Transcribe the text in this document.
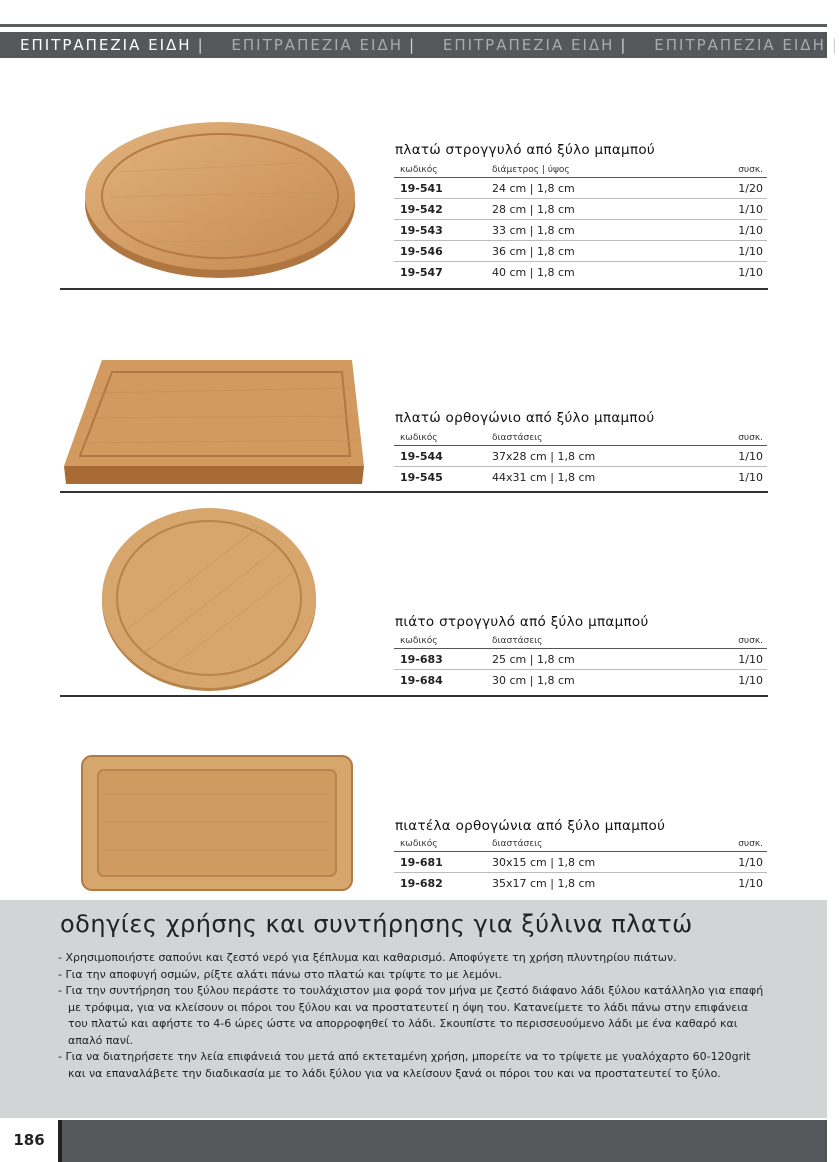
ΕΠΙΤΡΑΠΕΖΙΑ ΕΙΔΗ | ΕΠΙΤΡΑΠΕΖΙΑ ΕΙΔΗ | ΕΠΙΤΡΑΠΕΖΙΑ ΕΙΔΗ | ΕΠΙΤΡΑΠΕΖΙΑ ΕΙΔΗ |
πλατώ στρογγυλό από ξύλο μπαμπού
κωδικός	διάμετρος | ύψος	συσκ.
19-541	24 cm | 1,8 cm	1/20
19-542	28 cm | 1,8 cm	1/10
19-543	33 cm | 1,8 cm	1/10
19-546	36 cm | 1,8 cm	1/10
19-547	40 cm | 1,8 cm	1/10
πλατώ ορθογώνιο από ξύλο μπαμπού
κωδικός	διαστάσεις	συσκ.
19-544	37x28 cm | 1,8 cm	1/10
19-545	44x31 cm | 1,8 cm	1/10
πιάτο στρογγυλό από ξύλο μπαμπού
κωδικός	διαστάσεις	συσκ.
19-683	25 cm | 1,8 cm	1/10
19-684	30 cm | 1,8 cm	1/10
πιατέλα ορθογώνια από ξύλο μπαμπού
κωδικός	διαστάσεις	συσκ.
19-681	30x15 cm | 1,8 cm	1/10
19-682	35x17 cm | 1,8 cm	1/10
οδηγίες χρήσης και συντήρησης για ξύλινα πλατώ
- Χρησιμοποιήστε σαπούνι και ζεστό νερό για ξέπλυμα και καθαρισμό. Αποφύγετε τη χρήση πλυντηρίου πιάτων.
- Για την αποφυγή οσμών, ρίξτε αλάτι πάνω στο πλατώ και τρίψτε το με λεμόνι.
- Για την συντήρηση του ξύλου περάστε το τουλάχιστον μια φορά τον μήνα με ζεστό διάφανο λάδι ξύλου κατάλληλο για επαφή με τρόφιμα, για να κλείσουν οι πόροι του ξύλου και να προστατευτεί η όψη του. Κατανείμετε το λάδι πάνω στην επιφάνεια του πλατώ και αφήστε το 4-6 ώρες ώστε να απορροφηθεί το λάδι. Σκουπίστε το περισσευούμενο λάδι με ένα καθαρό και απαλό πανί.
- Για να διατηρήσετε την λεία επιφάνειά του μετά από εκτεταμένη χρήση, μπορείτε να το τρίψετε με γυαλόχαρτο 60-120grit και να επαναλάβετε την διαδικασία με το λάδι ξύλου για να κλείσουν ξανά οι πόροι του και να προστατευτεί το ξύλο.
186
